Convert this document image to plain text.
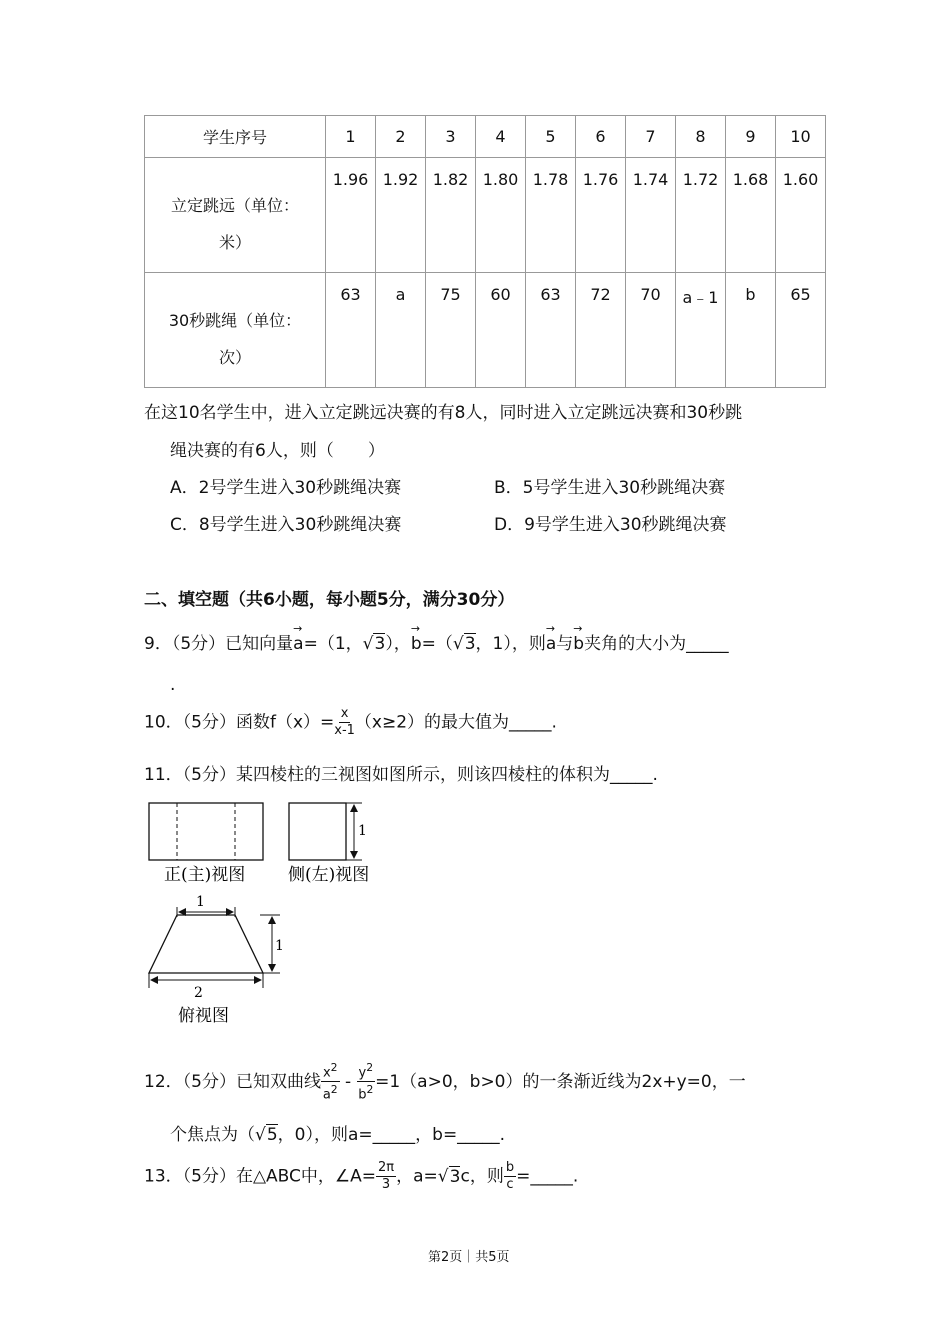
学生序号	1	2	3	4	5	6	7	8	9	10
立定跳远（单位：
米）	1.96	1.92	1.82	1.80	1.78	1.76	1.74	1.72	1.68	1.60
30秒跳绳（单位：
次）	63	a	75	60	63	72	70	a﹣1	b	65
在这10名学生中，进入立定跳远决赛的有8人，同时进入立定跳远决赛和30秒跳
绳决赛的有6人，则（　　）
A．2号学生进入30秒跳绳决赛	B．5号学生进入30秒跳绳决赛
C．8号学生进入30秒跳绳决赛	D．9号学生进入30秒跳绳决赛
二、填空题（共6小题，每小题5分，满分30分）
9．（5分）已知向量→ a=（1，√3），→ b=（√3，1），则→ a与→ b夹角的大小为_____
.
10．（5分）函数$f(x)= \frac{x}{x-1} (x\ge 2)$的最大值为_____.
11．（5分）某四棱柱的三视图如图所示，则该四棱柱的体积为_____.
正(主)视图
1
侧(左)视图
1
1
2
俯视图
12．（5分）已知双曲线 $\frac{x^2}{a^2} - \frac{y^2}{b^2} =1(a>0$，b>0）的一条渐近线为2x+y=0，一
个焦点为（√5，0），则a=_____，b=_____.
13．（5分）在△ABC中，∠A= $\frac{2\pi}{3}$ ，a=√3c，则 $\frac{b}{c}$ =_____.
第2页｜共5页
